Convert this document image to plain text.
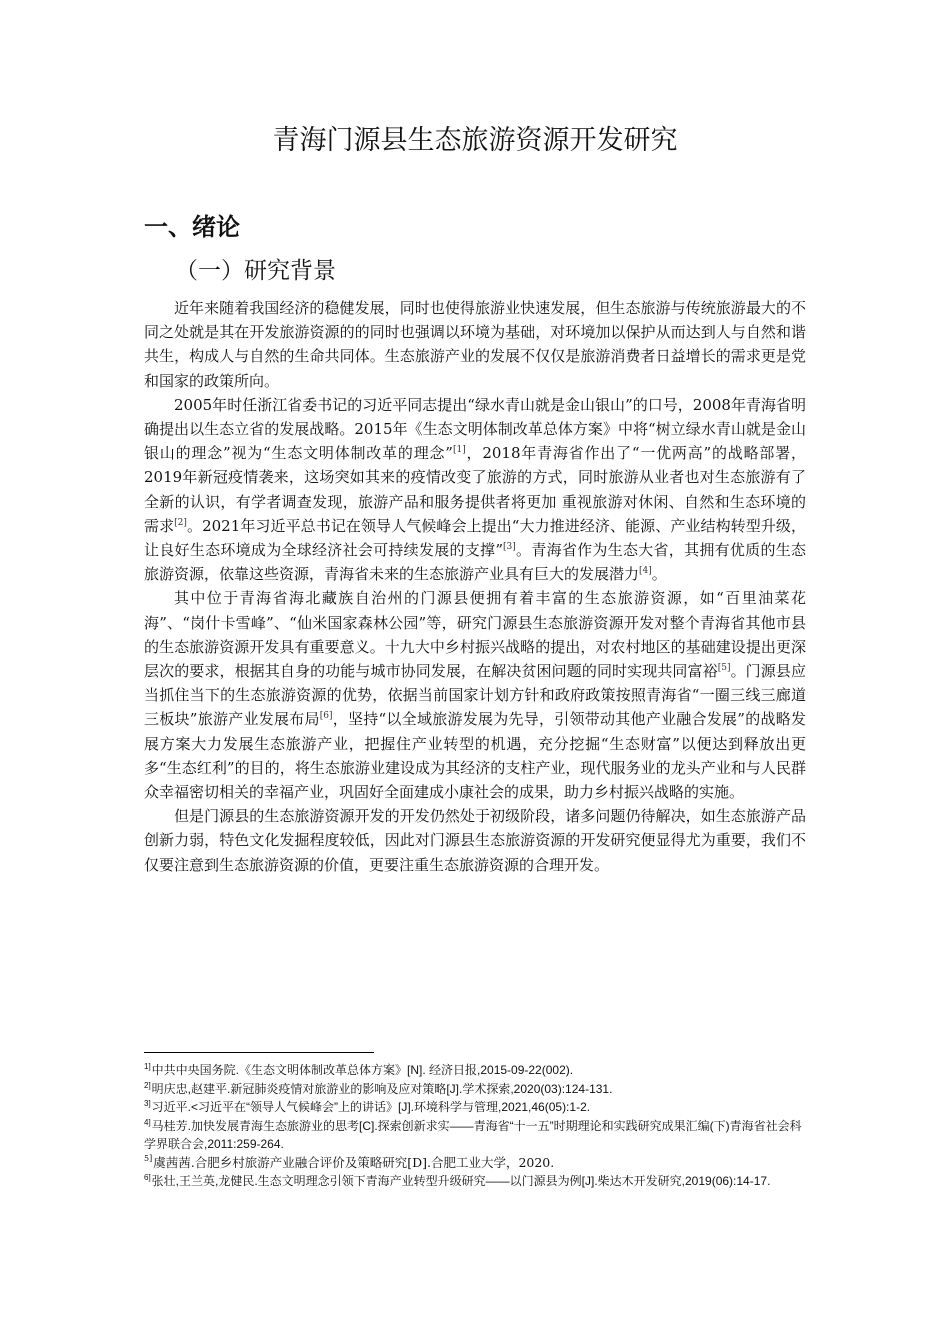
青海门源县生态旅游资源开发研究
一、绪论
（一）研究背景

近年来随着我国经济的稳健发展，同时也使得旅游业快速发展，但生态旅游与传统旅游最大的不同之处就是其在开发旅游资源的的同时也强调以环境为基础，对环境加以保护从而达到人与自然和谐共生，构成人与自然的生命共同体。生态旅游产业的发展不仅仅是旅游消费者日益增长的需求更是党和国家的政策所向。

2005年时任浙江省委书记的习近平同志提出“绿水青山就是金山银山”的口号，2008年青海省明确提出以生态立省的发展战略。2015年《生态文明体制改革总体方案》中将“树立绿水青山就是金山银山的理念”视为“生态文明体制改革的理念”[1]，2018年青海省作出了“一优两高”的战略部署，2019年新冠疫情袭来，这场突如其来的疫情改变了旅游的方式，同时旅游从业者也对生态旅游有了全新的认识，有学者调查发现，旅游产品和服务提供者将更加 重视旅游对休闲、自然和生态环境的需求[2]。2021年习近平总书记在领导人气候峰会上提出“大力推进经济、能源、产业结构转型升级，让良好生态环境成为全球经济社会可持续发展的支撑”[3]。青海省作为生态大省，其拥有优质的生态旅游资源，依靠这些资源，青海省未来的生态旅游产业具有巨大的发展潜力[4]。

其中位于青海省海北藏族自治州的门源县便拥有着丰富的生态旅游资源，如“百里油菜花海”、“岗什卡雪峰”、“仙米国家森林公园”等，研究门源县生态旅游资源开发对整个青海省其他市县的生态旅游资源开发具有重要意义。十九大中乡村振兴战略的提出，对农村地区的基础建设提出更深层次的要求，根据其自身的功能与城市协同发展，在解决贫困问题的同时实现共同富裕[5]。门源县应当抓住当下的生态旅游资源的优势，依据当前国家计划方针和政府政策按照青海省“一圈三线三廊道三板块”旅游产业发展布局[6]，坚持“以全域旅游发展为先导，引领带动其他产业融合发展”的战略发展方案大力发展生态旅游产业，把握住产业转型的机遇，充分挖掘“生态财富”以便达到释放出更多“生态红利”的目的，将生态旅游业建设成为其经济的支柱产业，现代服务业的龙头产业和与人民群众幸福密切相关的幸福产业，巩固好全面建成小康社会的成果，助力乡村振兴战略的实施。

但是门源县的生态旅游资源开发的开发仍然处于初级阶段，诸多问题仍待解决，如生态旅游产品创新力弱，特色文化发掘程度较低，因此对门源县生态旅游资源的开发研究便显得尤为重要，我们不仅要注意到生态旅游资源的价值，更要注重生态旅游资源的合理开发。

$^{1]}$中共中央国务院.《生态文明体制改革总体方案》[N]. 经济日报,2015-09-22(002).

$^{2]}$明庆忠,赵建平.新冠肺炎疫情对旅游业的影响及应对策略[J].学术探索,2020(03):124-131.

$^{3]}$习近平.<习近平在“领导人气候峰会”上的讲话》[J].环境科学与管理,2021,46(05):1-2.

$^{4]}$马桂芳.加快发展青海生态旅游业的思考[C].探索创新求实——青海省“十一五”时期理论和实践研究成果汇编(下)青海省社会科学界联合会,2011:259-264.

$^{5]}$虞茜茜.合肥乡村旅游产业融合评价及策略研究[D].合肥工业大学，2020.

$^{6]}$张壮,王兰英,龙健民.生态文明理念引领下青海产业转型升级研究——以门源县为例[J].柴达木开发研究,2019(06):14-17.
